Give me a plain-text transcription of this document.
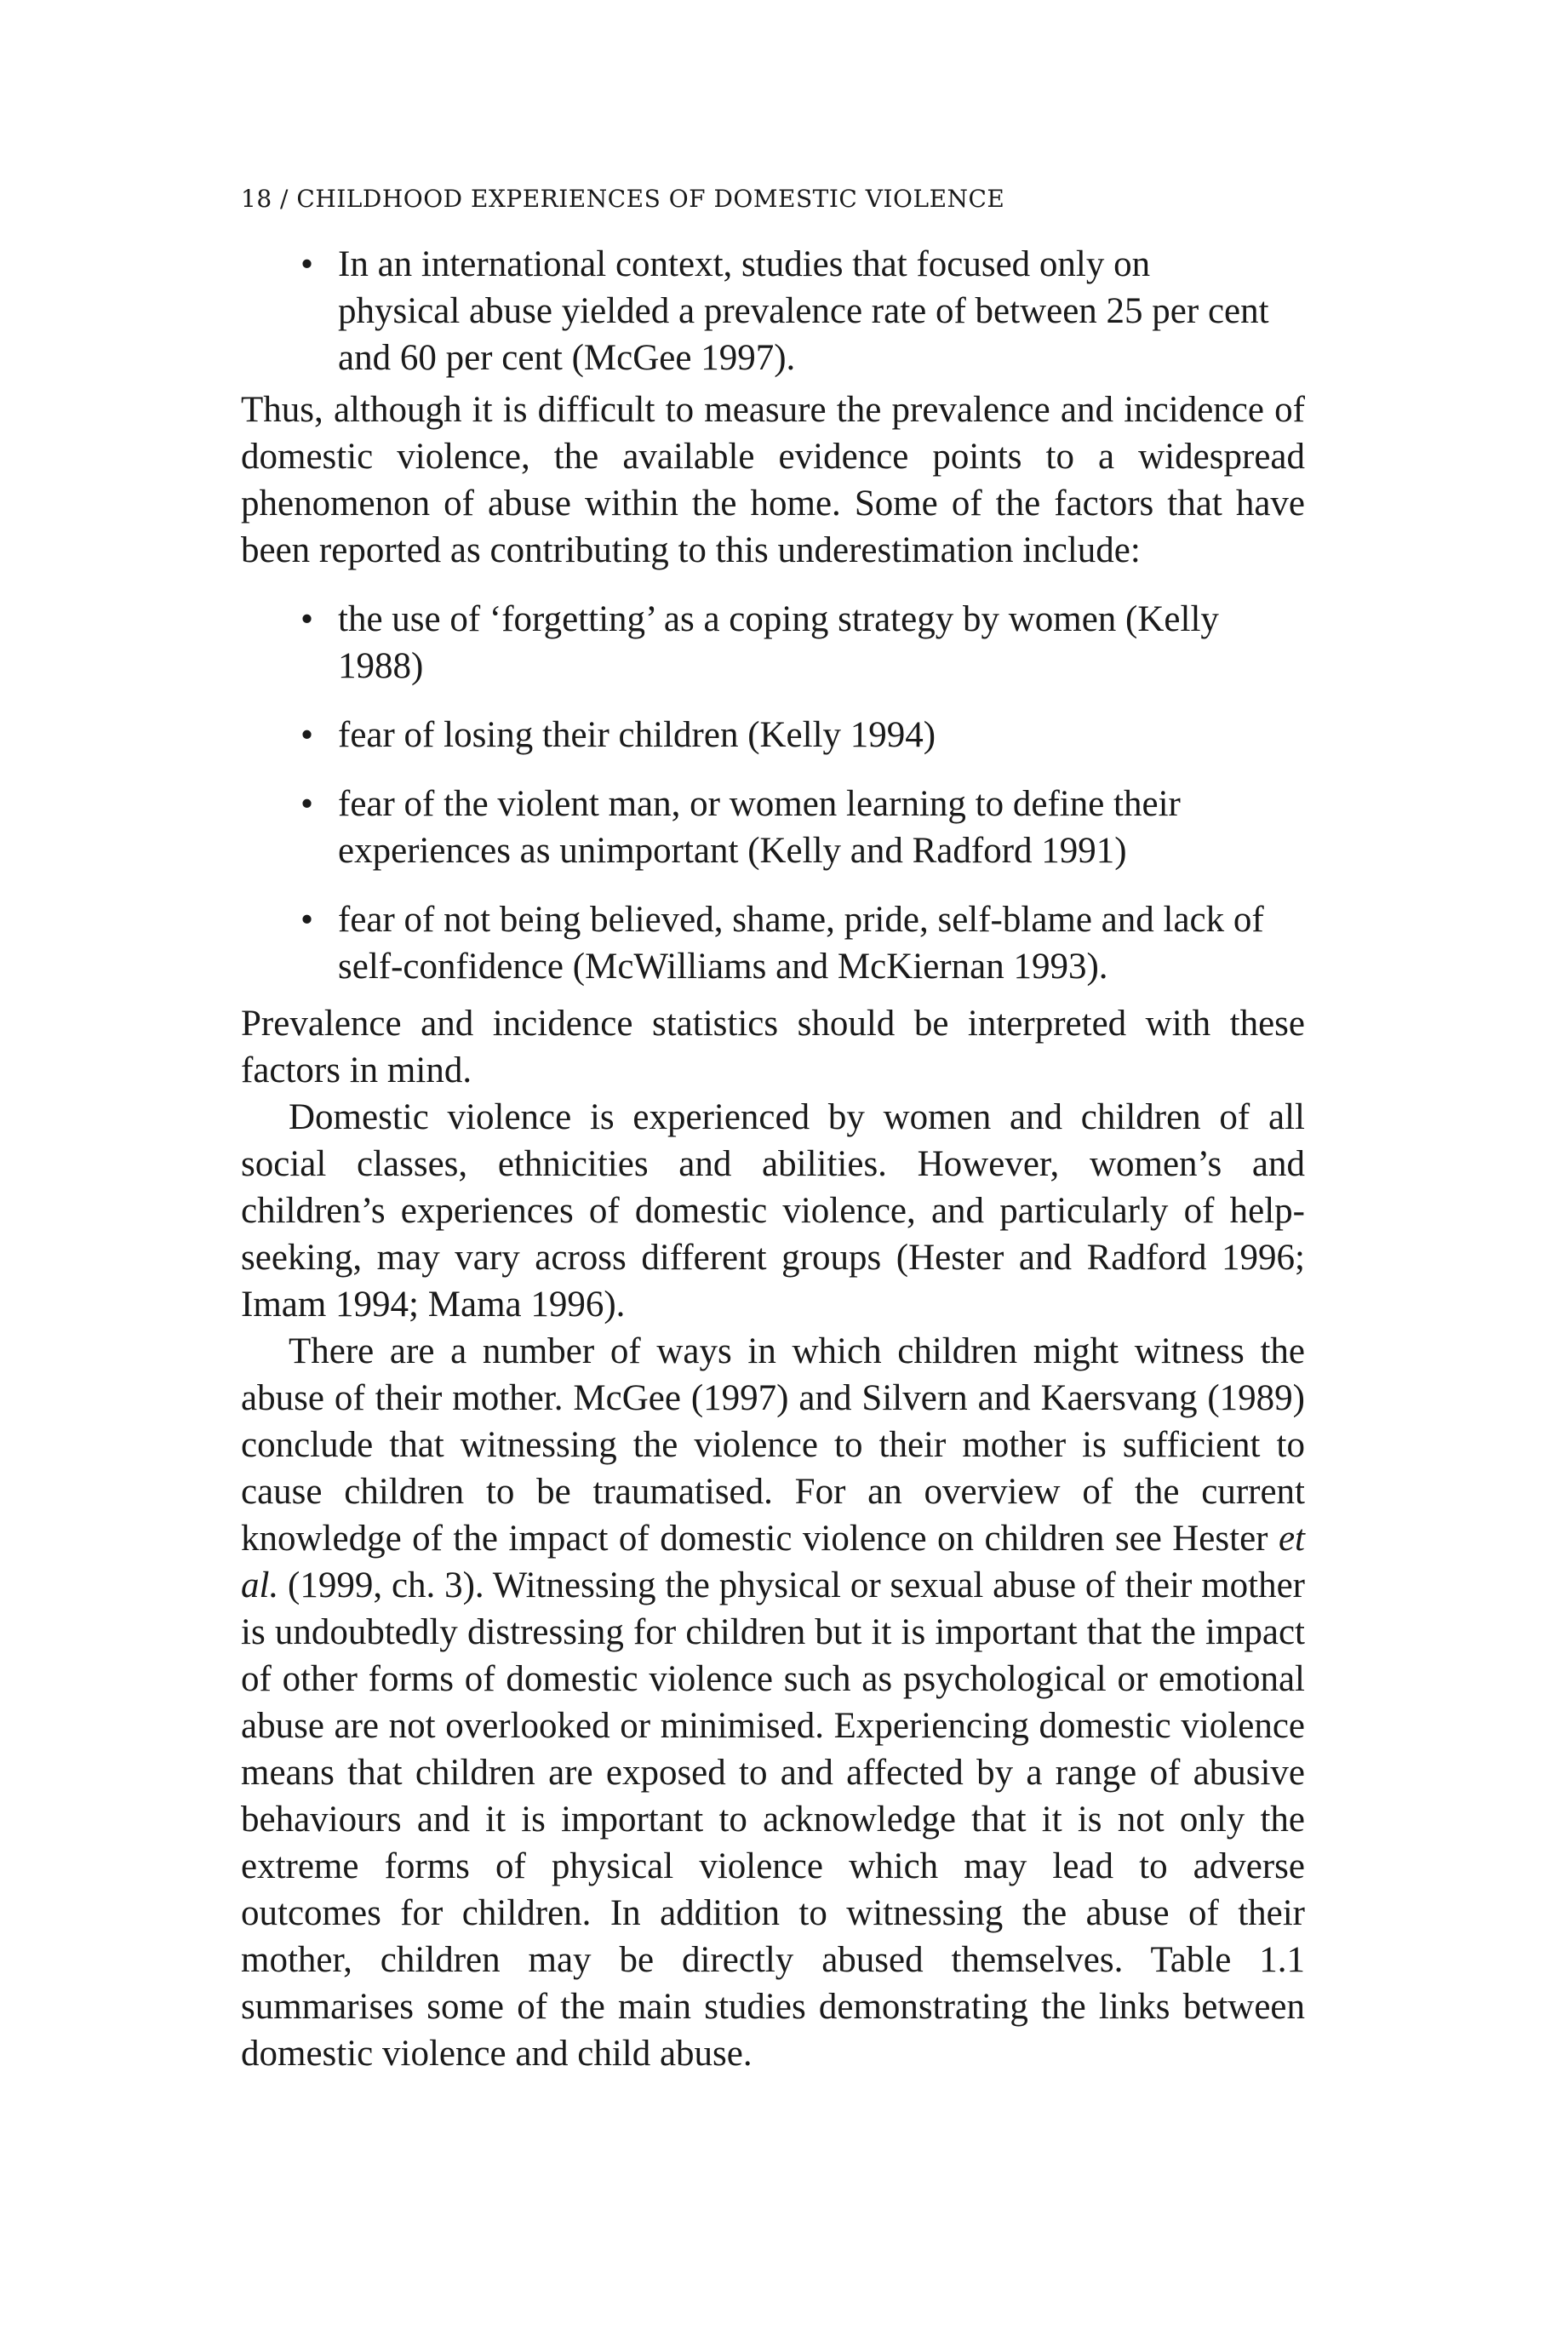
18 / CHILDHOOD EXPERIENCES OF DOMESTIC VIOLENCE
• In an international context, studies that focused only on physical abuse yielded a prevalence rate of between 25 per cent and 60 per cent (McGee 1997).

Thus, although it is difficult to measure the prevalence and incidence of domestic violence, the available evidence points to a widespread phenomenon of abuse within the home. Some of the factors that have been reported as contributing to this underestimation include:

• the use of ‘forgetting’ as a coping strategy by women (Kelly 1988)
• fear of losing their children (Kelly 1994)
• fear of the violent man, or women learning to define their experiences as unimportant (Kelly and Radford 1991)
• fear of not being believed, shame, pride, self-blame and lack of self-confidence (McWilliams and McKiernan 1993).

Prevalence and incidence statistics should be interpreted with these factors in mind.

Domestic violence is experienced by women and children of all social classes, ethnicities and abilities. However, women’s and children’s experiences of domestic violence, and particularly of help-seeking, may vary across different groups (Hester and Radford 1996; Imam 1994; Mama 1996).

There are a number of ways in which children might witness the abuse of their mother. McGee (1997) and Silvern and Kaersvang (1989) conclude that witnessing the violence to their mother is sufficient to cause children to be traumatised. For an overview of the current knowledge of the impact of domestic violence on children see Hester et al. (1999, ch. 3). Witnessing the physical or sexual abuse of their mother is undoubtedly distressing for children but it is important that the impact of other forms of domestic violence such as psychological or emotional abuse are not overlooked or minimised. Experiencing domestic violence means that children are exposed to and affected by a range of abusive behaviours and it is important to acknowledge that it is not only the extreme forms of physical violence which may lead to adverse outcomes for children. In addition to witnessing the abuse of their mother, children may be directly abused themselves. Table 1.1 summarises some of the main studies demonstrating the links between domestic violence and child abuse.
